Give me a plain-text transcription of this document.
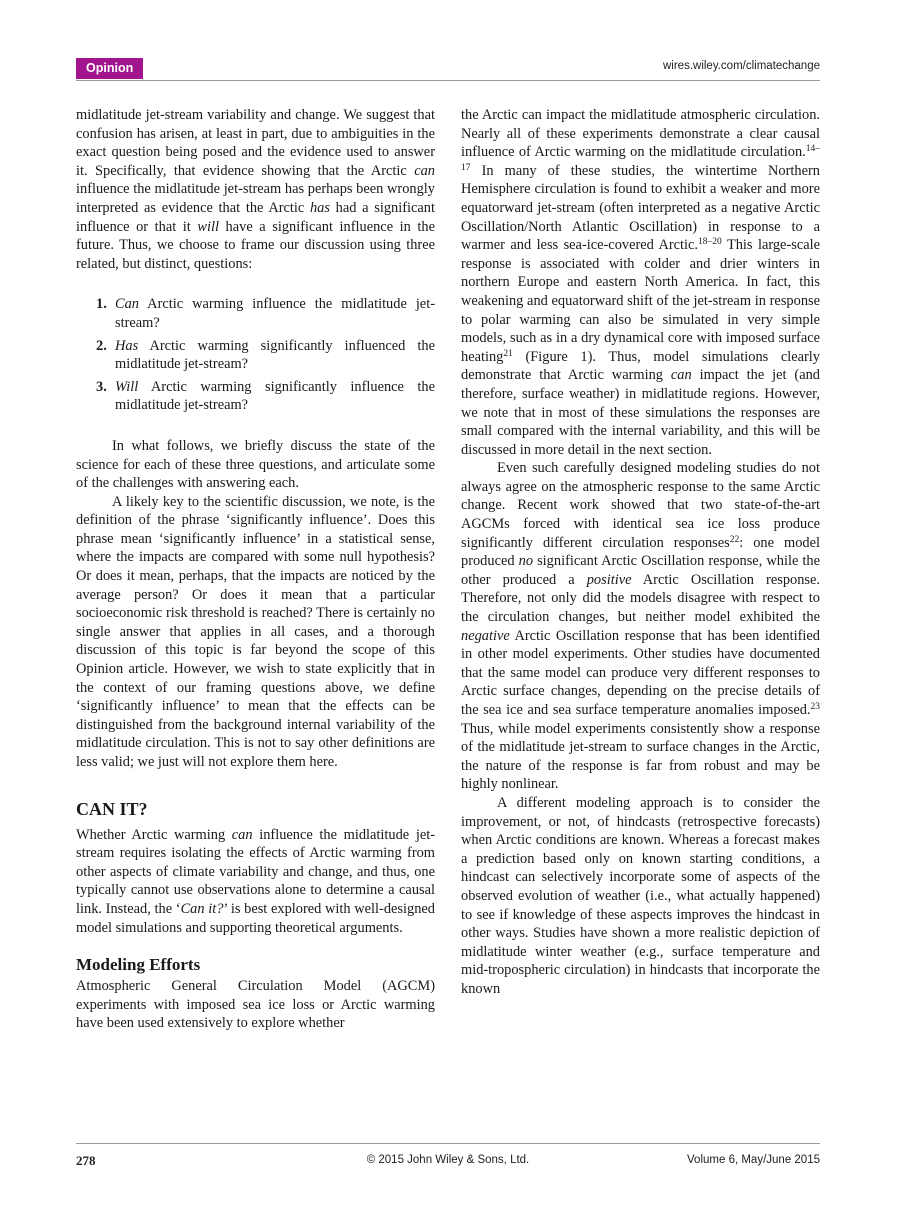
Opinion	wires.wiley.com/climatechange

midlatitude jet-stream variability and change. We suggest that confusion has arisen, at least in part, due to ambiguities in the exact question being posed and the evidence used to answer it. Specifically, that evidence showing that the Arctic can influence the midlatitude jet-stream has perhaps been wrongly interpreted as evidence that the Arctic has had a significant influence or that it will have a significant influence in the future. Thus, we choose to frame our discussion using three related, but distinct, questions:

1. Can Arctic warming influence the midlatitude jet-stream?
2. Has Arctic warming significantly influenced the midlatitude jet-stream?
3. Will Arctic warming significantly influence the midlatitude jet-stream?

In what follows, we briefly discuss the state of the science for each of these three questions, and articulate some of the challenges with answering each.

A likely key to the scientific discussion, we note, is the definition of the phrase ‘significantly influence’. Does this phrase mean ‘significantly influence’ in a statistical sense, where the impacts are compared with some null hypothesis? Or does it mean, perhaps, that the impacts are noticed by the average person? Or does it mean that a particular socioeconomic risk threshold is reached? There is certainly no single answer that applies in all cases, and a thorough discussion of this topic is far beyond the scope of this Opinion article. However, we wish to state explicitly that in the context of our framing questions above, we define ‘significantly influence’ to mean that the effects can be distinguished from the background internal variability of the midlatitude circulation. This is not to say other definitions are less valid; we just will not explore them here.

CAN IT?

Whether Arctic warming can influence the midlatitude jet-stream requires isolating the effects of Arctic warming from other aspects of climate variability and change, and thus, one typically cannot use observations alone to determine a causal link. Instead, the ‘Can it?’ is best explored with well-designed model simulations and supporting theoretical arguments.

Modeling Efforts

Atmospheric General Circulation Model (AGCM) experiments with imposed sea ice loss or Arctic warming have been used extensively to explore whether

the Arctic can impact the midlatitude atmospheric circulation. Nearly all of these experiments demonstrate a clear causal influence of Arctic warming on the midlatitude circulation.$^{14-17}$ In many of these studies, the wintertime Northern Hemisphere circulation is found to exhibit a weaker and more equatorward jet-stream (often interpreted as a negative Arctic Oscillation/North Atlantic Oscillation) in response to a warmer and less sea-ice-covered Arctic.$^{18-20}$ This large-scale response is associated with colder and drier winters in northern Europe and eastern North America. In fact, this weakening and equatorward shift of the jet-stream in response to polar warming can also be simulated in very simple models, such as in a dry dynamical core with imposed surface heating$^{21}$ (Figure 1). Thus, model simulations clearly demonstrate that Arctic warming can impact the jet (and therefore, surface weather) in midlatitude regions. However, we note that in most of these simulations the responses are small compared with the internal variability, and this will be discussed in more detail in the next section.

Even such carefully designed modeling studies do not always agree on the atmospheric response to the same Arctic change. Recent work showed that two state-of-the-art AGCMs forced with identical sea ice loss produce significantly different circulation responses$^{22}$: one model produced no significant Arctic Oscillation response, while the other produced a positive Arctic Oscillation response. Therefore, not only did the models disagree with respect to the circulation changes, but neither model exhibited the negative Arctic Oscillation response that has been identified in other model experiments. Other studies have documented that the same model can produce very different responses to Arctic surface changes, depending on the precise details of the sea ice and sea surface temperature anomalies imposed.$^{23}$ Thus, while model experiments consistently show a response of the midlatitude jet-stream to surface changes in the Arctic, the nature of the response is far from robust and may be highly nonlinear.

A different modeling approach is to consider the improvement, or not, of hindcasts (retrospective forecasts) when Arctic conditions are known. Whereas a forecast makes a prediction based only on known starting conditions, a hindcast can selectively incorporate some of aspects of the observed evolution of weather (i.e., what actually happened) to see if knowledge of these aspects improves the hindcast in other ways. Studies have shown a more realistic depiction of midlatitude winter weather (e.g., surface temperature and mid-tropospheric circulation) in hindcasts that incorporate the known

278	© 2015 John Wiley & Sons, Ltd.	Volume 6, May/June 2015
